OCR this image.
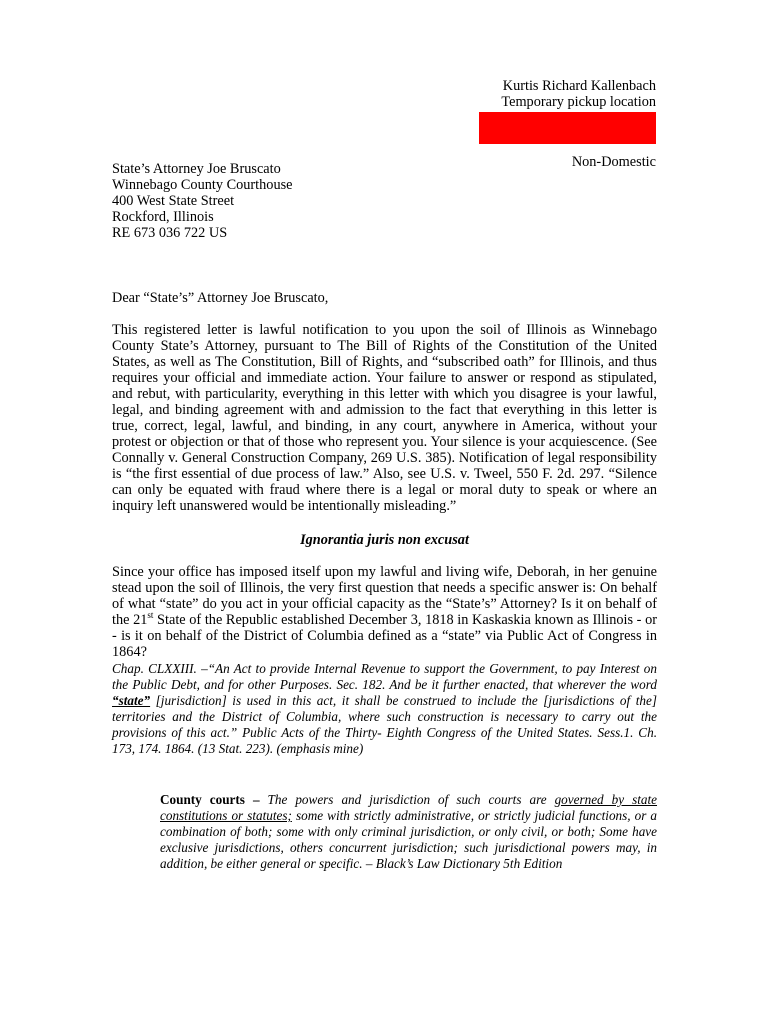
Kurtis Richard Kallenbach
Temporary pickup location
Non-Domestic
State’s Attorney Joe Bruscato
Winnebago County Courthouse
400 West State Street
Rockford, Illinois
RE 673 036 722 US
Dear “State’s” Attorney Joe Bruscato,
This registered letter is lawful notification to you upon the soil of Illinois as Winnebago County State’s Attorney, pursuant to The Bill of Rights of the Constitution of the United States, as well as The Constitution, Bill of Rights, and “subscribed oath” for Illinois, and thus requires your official and immediate action. Your failure to answer or respond as stipulated, and rebut, with particularity, everything in this letter with which you disagree is your lawful, legal, and binding agreement with and admission to the fact that everything in this letter is true, correct, legal, lawful, and binding, in any court, anywhere in America, without your protest or objection or that of those who represent you. Your silence is your acquiescence. (See Connally v. General Construction Company, 269 U.S. 385). Notification of legal responsibility is “the first essential of due process of law.” Also, see U.S. v. Tweel, 550 F. 2d. 297. “Silence can only be equated with fraud where there is a legal or moral duty to speak or where an inquiry left unanswered would be intentionally misleading.”
Ignorantia juris non excusat
Since your office has imposed itself upon my lawful and living wife, Deborah, in her genuine stead upon the soil of Illinois, the very first question that needs a specific answer is: On behalf of what “state” do you act in your official capacity as the “State’s” Attorney? Is it on behalf of the 21st State of the Republic established December 3, 1818 in Kaskaskia known as Illinois - or - is it on behalf of the District of Columbia defined as a “state” via Public Act of Congress in 1864?
Chap. CLXXIII. –“An Act to provide Internal Revenue to support the Government, to pay Interest on the Public Debt, and for other Purposes. Sec. 182. And be it further enacted, that wherever the word “state” [jurisdiction] is used in this act, it shall be construed to include the [jurisdictions of the] territories and the District of Columbia, where such construction is necessary to carry out the provisions of this act.” Public Acts of the Thirty- Eighth Congress of the United States. Sess.1. Ch. 173, 174. 1864. (13 Stat. 223). (emphasis mine)
County courts – The powers and jurisdiction of such courts are governed by state constitutions or statutes; some with strictly administrative, or strictly judicial functions, or a combination of both; some with only criminal jurisdiction, or only civil, or both; Some have exclusive jurisdictions, others concurrent jurisdiction; such jurisdictional powers may, in addition, be either general or specific. – Black’s Law Dictionary 5th Edition
